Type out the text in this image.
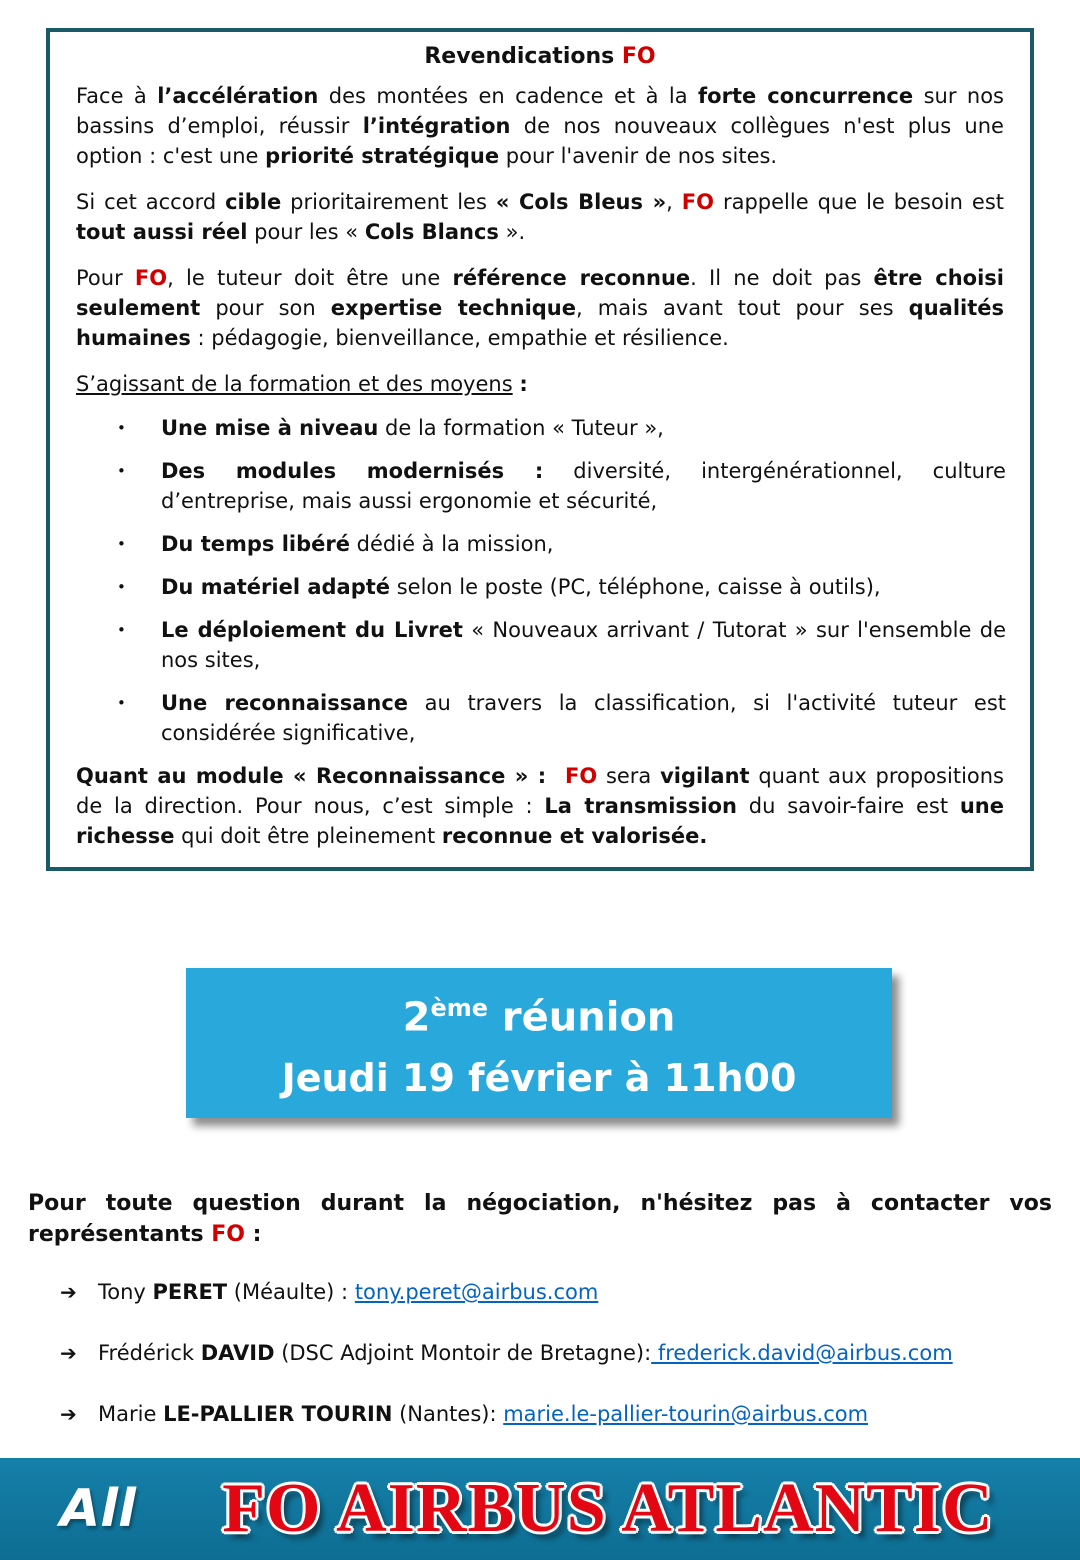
Revendications FO

Face à l’accélération des montées en cadence et à la forte concurrence sur nos bassins d’emploi, réussir l’intégration de nos nouveaux collègues n'est plus une option : c'est une priorité stratégique pour l'avenir de nos sites.

Si cet accord cible prioritairement les « Cols Bleus », FO rappelle que le besoin est tout aussi réel pour les « Cols Blancs ».

Pour FO, le tuteur doit être une référence reconnue. Il ne doit pas être choisi seulement pour son expertise technique, mais avant tout pour ses qualités humaines : pédagogie, bienveillance, empathie et résilience.

S’agissant de la formation et des moyens :

• Une mise à niveau de la formation « Tuteur »,
• Des modules modernisés : diversité, intergénérationnel, culture d’entreprise, mais aussi ergonomie et sécurité,
• Du temps libéré dédié à la mission,
• Du matériel adapté selon le poste (PC, téléphone, caisse à outils),
• Le déploiement du Livret « Nouveaux arrivant / Tutorat » sur l'ensemble de nos sites,
• Une reconnaissance au travers la classification, si l'activité tuteur est considérée significative,

Quant au module « Reconnaissance » :  FO sera vigilant quant aux propositions de la direction. Pour nous, c’est simple : La transmission du savoir-faire est une richesse qui doit être pleinement reconnue et valorisée.

2ème réunion
Jeudi 19 février à 11h00

Pour toute question durant la négociation, n'hésitez pas à contacter vos représentants FO :

➔ Tony PERET (Méaulte) : tony.peret@airbus.com
➔ Frédérick DAVID (DSC Adjoint Montoir de Bretagne): frederick.david@airbus.com
➔ Marie LE-PALLIER TOURIN (Nantes): marie.le-pallier-tourin@airbus.com
All	FO AIRBUS ATLANTIC
